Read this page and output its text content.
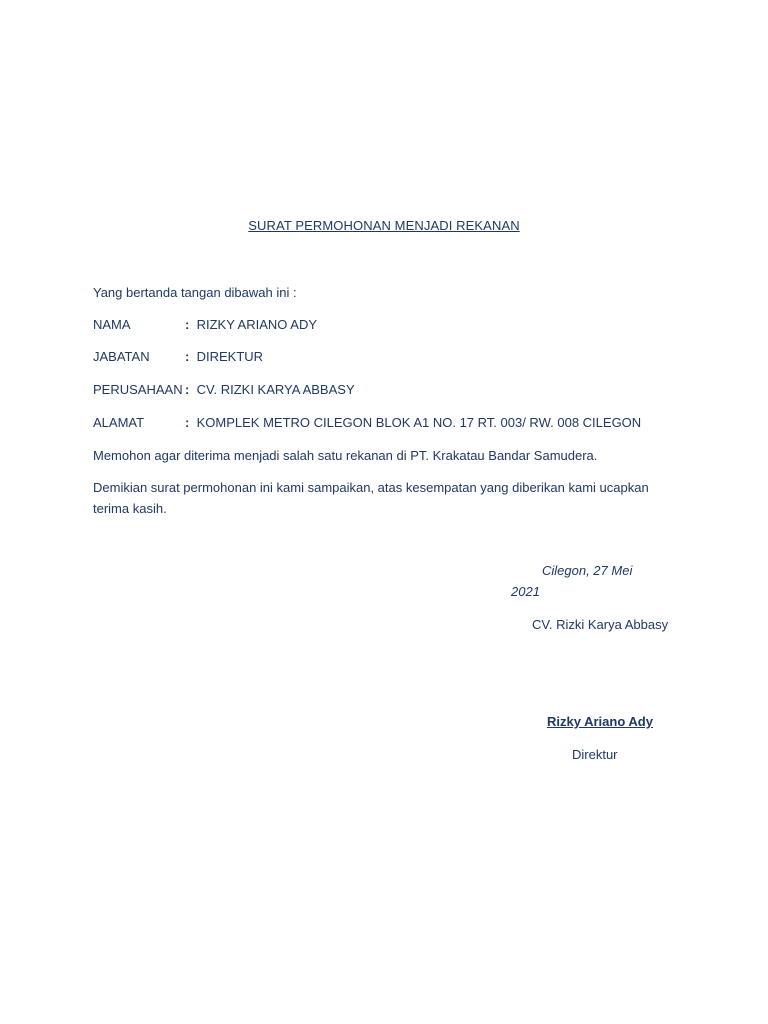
SURAT PERMOHONAN MENJADI REKANAN
Yang bertanda tangan dibawah ini :
NAMA	: RIZKY ARIANO ADY
JABATAN	: DIREKTUR
PERUSAHAAN : CV. RIZKI KARYA ABBASY
ALAMAT	: KOMPLEK METRO CILEGON BLOK A1 NO. 17 RT. 003/ RW. 008 CILEGON
Memohon agar diterima menjadi salah satu rekanan di PT. Krakatau Bandar Samudera.
Demikian surat permohonan ini kami sampaikan, atas kesempatan yang diberikan kami ucapkan terima kasih.
Cilegon, 27 Mei
2021
CV. Rizki Karya Abbasy
Rizky Ariano Ady
Direktur
